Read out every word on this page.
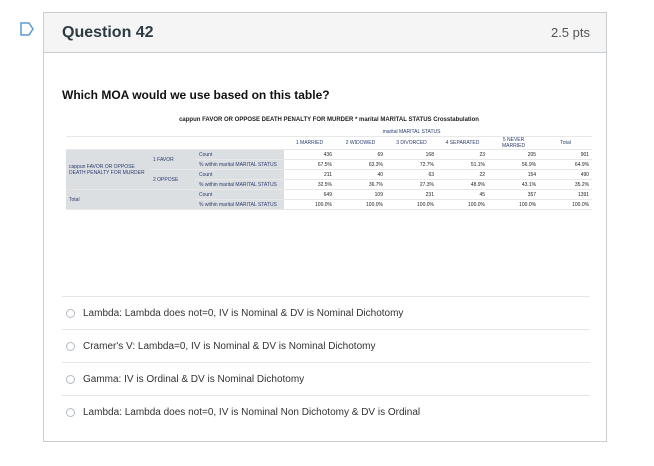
Question 42	2.5 pts
Which MOA would we use based on this table?
cappun FAVOR OR OPPOSE DEATH PENALTY FOR MURDER * marital MARITAL STATUS Crosstabulation
			marital MARITAL STATUS					
			1 MARRIED	2 WIDOWED	3 DIVORCED	4 SEPARATED	5 NEVER MARRIED	Total
cappun FAVOR OR OPPOSE DEATH PENALTY FOR MURDER	1 FAVOR	Count	436	69	168	23	205	901
		% within marital MARITAL STATUS	67.5%	63.3%	72.7%	51.1%	56.9%	64.9%
	2 OPPOSE	Count	211	40	63	22	154	490
		% within marital MARITAL STATUS	32.5%	36.7%	27.3%	48.9%	43.1%	35.2%
Total		Count	649	109	231	45	357	1391
		% within marital MARITAL STATUS	100.0%	100.0%	100.0%	100.0%	100.0%	100.0%
Lambda: Lambda does not=0, IV is Nominal & DV is Nominal Dichotomy
Cramer's V: Lambda=0, IV is Nominal & DV is Nominal Dichotomy
Gamma: IV is Ordinal & DV is Nominal Dichotomy
Lambda: Lambda does not=0, IV is Nominal Non Dichotomy & DV is Ordinal
